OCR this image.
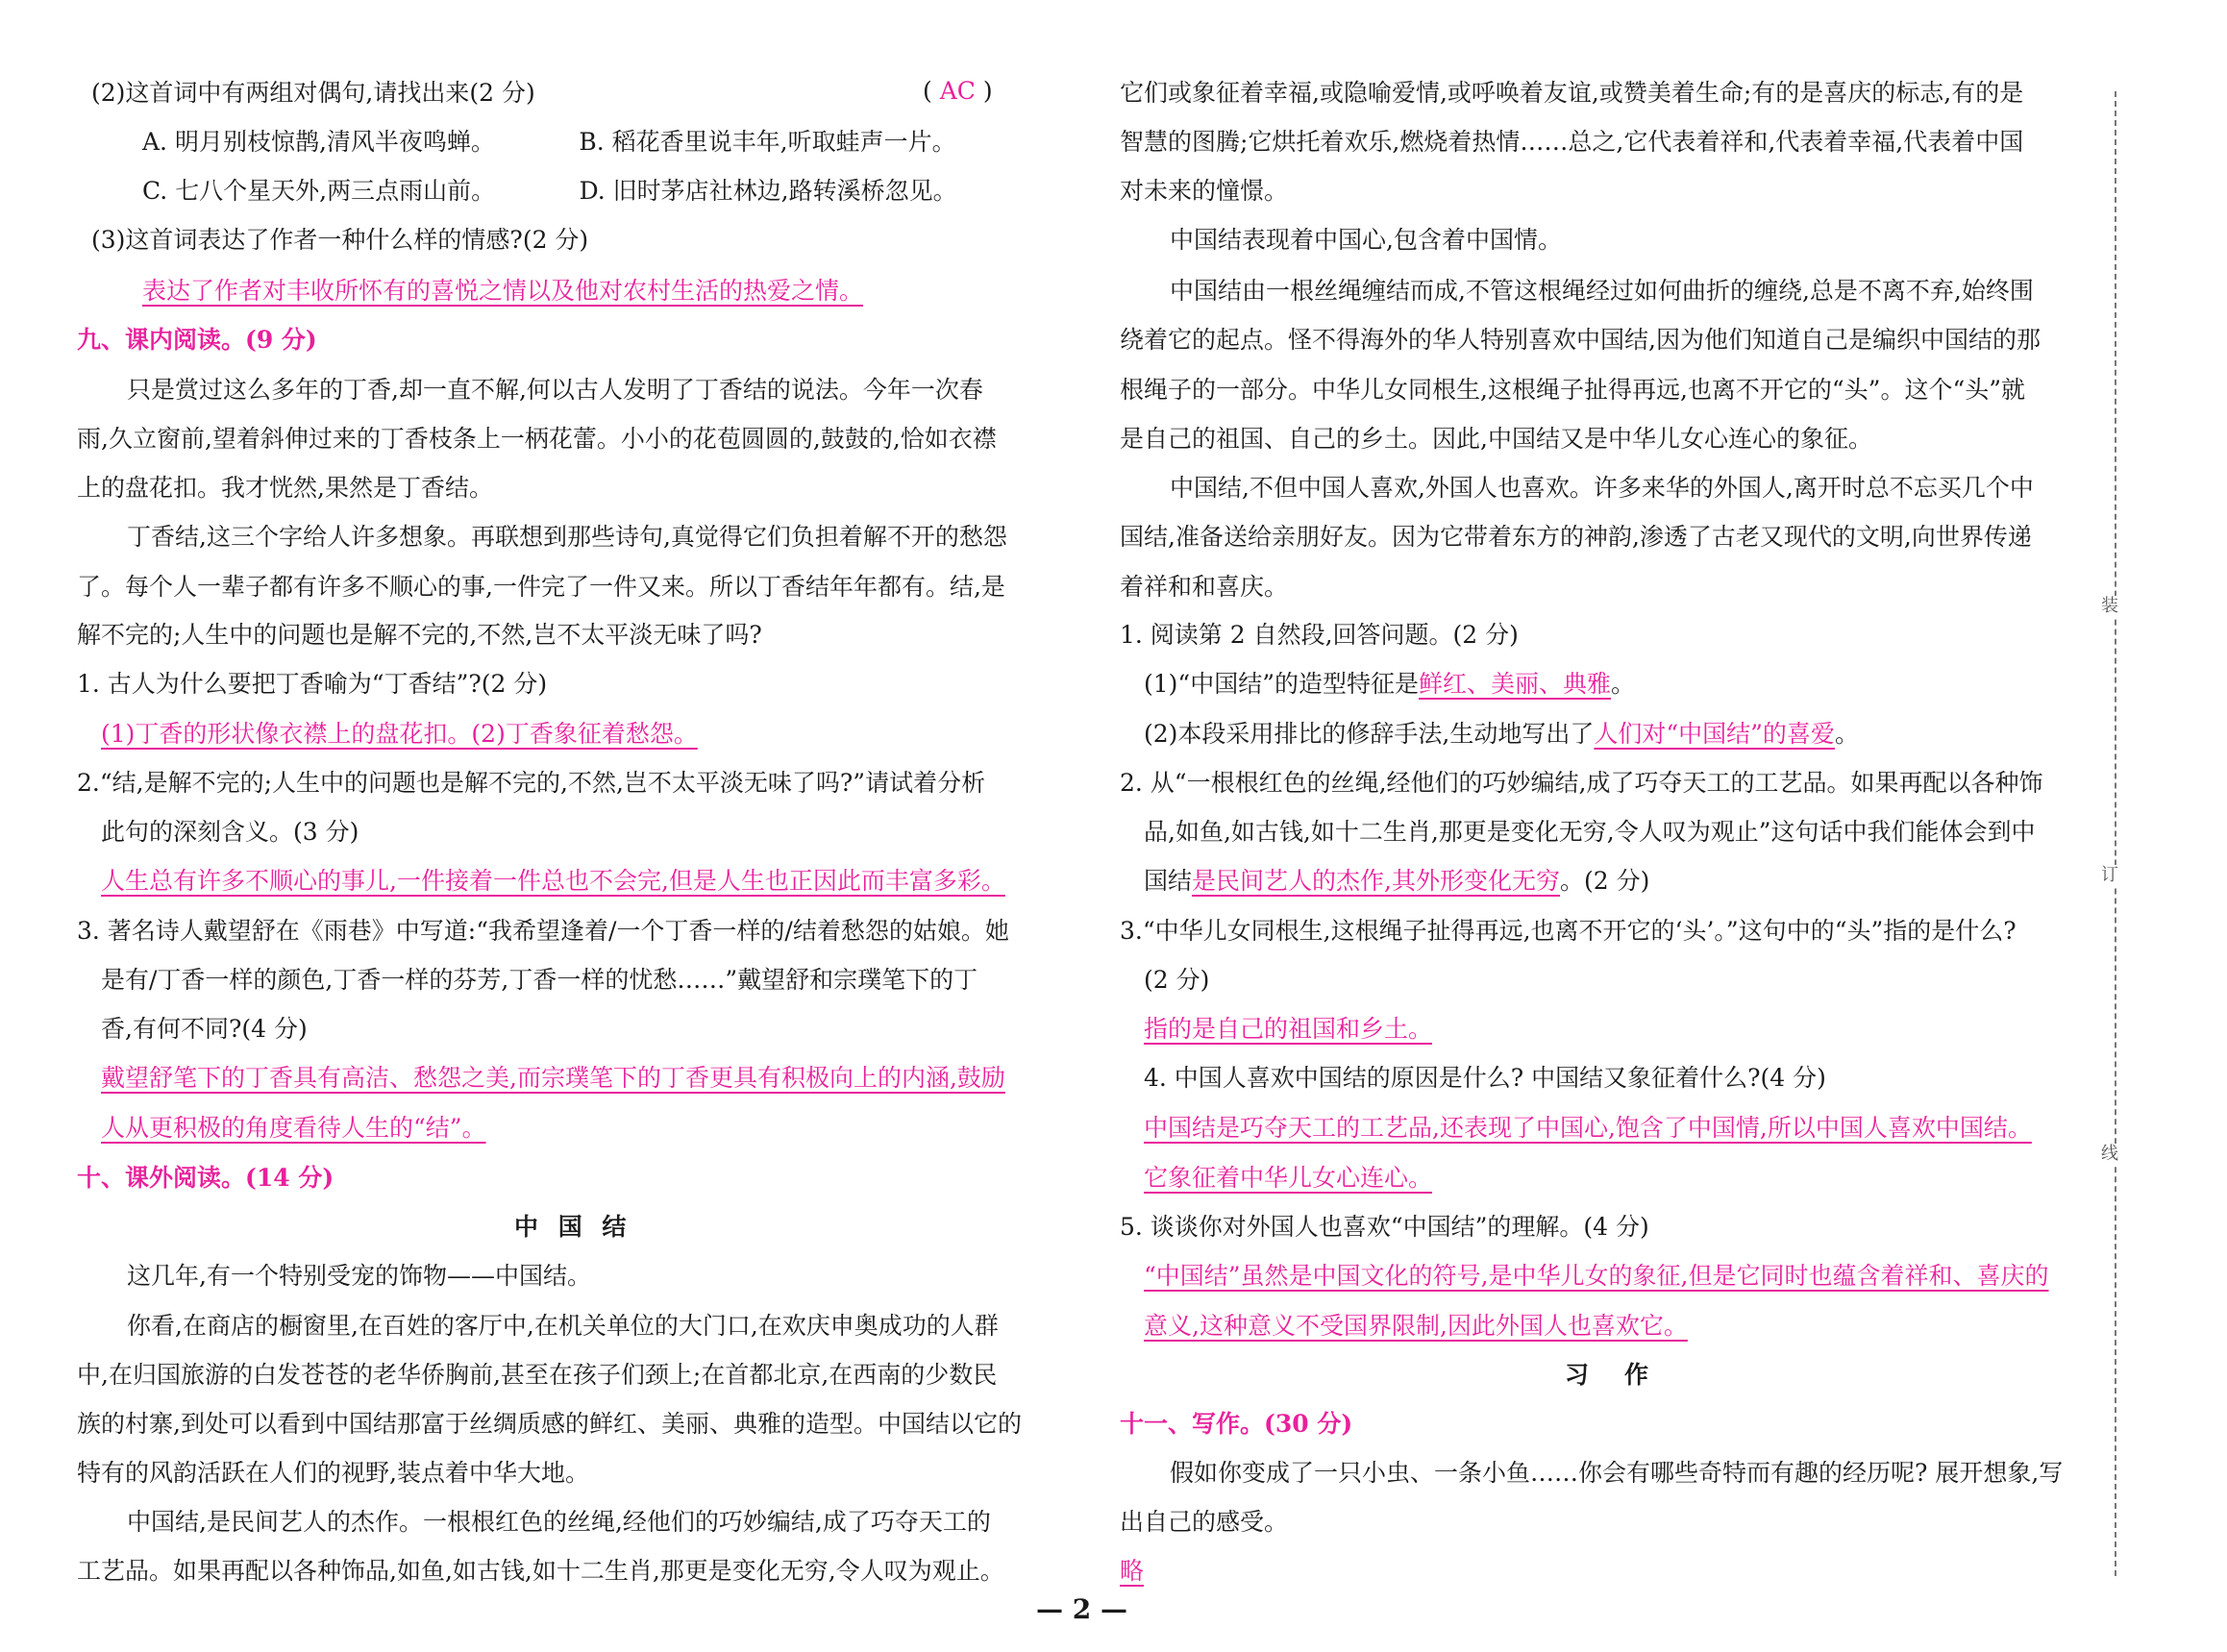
( AC )
(2)这首词中有两组对偶句,请找出来(2 分)
A. 明月别枝惊鹊,清风半夜鸣蝉。　　　　B. 稻花香里说丰年,听取蛙声一片。
C. 七八个星天外,两三点雨山前。　　　　D. 旧时茅店社林边,路转溪桥忽见。
(3)这首词表达了作者一种什么样的情感?(2 分)
表达了作者对丰收所怀有的喜悦之情以及他对农村生活的热爱之情。
九、课内阅读。(9 分)
只是赏过这么多年的丁香,却一直不解,何以古人发明了丁香结的说法。今年一次春
雨,久立窗前,望着斜伸过来的丁香枝条上一柄花蕾。小小的花苞圆圆的,鼓鼓的,恰如衣襟
上的盘花扣。我才恍然,果然是丁香结。
丁香结,这三个字给人许多想象。再联想到那些诗句,真觉得它们负担着解不开的愁怨
了。每个人一辈子都有许多不顺心的事,一件完了一件又来。所以丁香结年年都有。结,是
解不完的;人生中的问题也是解不完的,不然,岂不太平淡无味了吗?
1. 古人为什么要把丁香喻为“丁香结”?(2 分)
(1)丁香的形状像衣襟上的盘花扣。(2)丁香象征着愁怨。
2.“结,是解不完的;人生中的问题也是解不完的,不然,岂不太平淡无味了吗?”请试着分析
此句的深刻含义。(3 分)
人生总有许多不顺心的事儿,一件接着一件总也不会完,但是人生也正因此而丰富多彩。
3. 著名诗人戴望舒在《雨巷》中写道:“我希望逢着/一个丁香一样的/结着愁怨的姑娘。她
是有/丁香一样的颜色,丁香一样的芬芳,丁香一样的忧愁……”戴望舒和宗璞笔下的丁
香,有何不同?(4 分)
戴望舒笔下的丁香具有高洁、愁怨之美,而宗璞笔下的丁香更具有积极向上的内涵,鼓励
人从更积极的角度看待人生的“结”。
十、课外阅读。(14 分)
中 国 结
这几年,有一个特别受宠的饰物——中国结。
你看,在商店的橱窗里,在百姓的客厅中,在机关单位的大门口,在欢庆申奥成功的人群
中,在归国旅游的白发苍苍的老华侨胸前,甚至在孩子们颈上;在首都北京,在西南的少数民
族的村寨,到处可以看到中国结那富于丝绸质感的鲜红、美丽、典雅的造型。中国结以它的
特有的风韵活跃在人们的视野,装点着中华大地。
中国结,是民间艺人的杰作。一根根红色的丝绳,经他们的巧妙编结,成了巧夺天工的
工艺品。如果再配以各种饰品,如鱼,如古钱,如十二生肖,那更是变化无穷,令人叹为观止。
它们或象征着幸福,或隐喻爱情,或呼唤着友谊,或赞美着生命;有的是喜庆的标志,有的是
智慧的图腾;它烘托着欢乐,燃烧着热情……总之,它代表着祥和,代表着幸福,代表着中国
对未来的憧憬。
中国结表现着中国心,包含着中国情。
中国结由一根丝绳缠结而成,不管这根绳经过如何曲折的缠绕,总是不离不弃,始终围
绕着它的起点。怪不得海外的华人特别喜欢中国结,因为他们知道自己是编织中国结的那
根绳子的一部分。中华儿女同根生,这根绳子扯得再远,也离不开它的“头”。这个“头”就
是自己的祖国、自己的乡土。因此,中国结又是中华儿女心连心的象征。
中国结,不但中国人喜欢,外国人也喜欢。许多来华的外国人,离开时总不忘买几个中
国结,准备送给亲朋好友。因为它带着东方的神韵,渗透了古老又现代的文明,向世界传递
着祥和和喜庆。
1. 阅读第 2 自然段,回答问题。(2 分)
(1)“中国结”的造型特征是鲜红、美丽、典雅。
(2)本段采用排比的修辞手法,生动地写出了人们对“中国结”的喜爱。
2. 从“一根根红色的丝绳,经他们的巧妙编结,成了巧夺天工的工艺品。如果再配以各种饰
品,如鱼,如古钱,如十二生肖,那更是变化无穷,令人叹为观止”这句话中我们能体会到中
国结是民间艺人的杰作,其外形变化无穷。(2 分)
3.“中华儿女同根生,这根绳子扯得再远,也离不开它的‘头’。”这句中的“头”指的是什么?
(2 分)
指的是自己的祖国和乡土。
4. 中国人喜欢中国结的原因是什么? 中国结又象征着什么?(4 分)
中国结是巧夺天工的工艺品,还表现了中国心,饱含了中国情,所以中国人喜欢中国结。
它象征着中华儿女心连心。
5. 谈谈你对外国人也喜欢“中国结”的理解。(4 分)
“中国结”虽然是中国文化的符号,是中华儿女的象征,但是它同时也蕴含着祥和、喜庆的
意义,这种意义不受国界限制,因此外国人也喜欢它。
习　作
十一、写作。(30 分)
假如你变成了一只小虫、一条小鱼……你会有哪些奇特而有趣的经历呢? 展开想象,写
出自己的感受。
略
装
订
线
— 2 —
